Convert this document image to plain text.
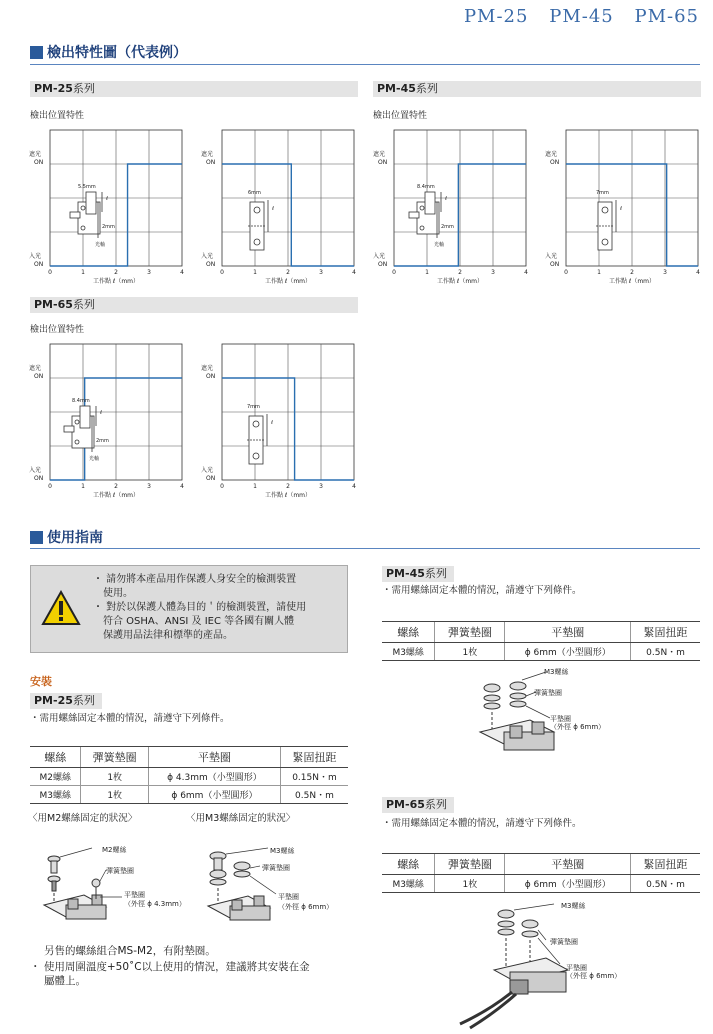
PM-25 PM-45 PM-65
檢出特性圖（代表例）
PM-25系列
檢出位置特性
PM-45系列
檢出位置特性
PM-65系列
檢出位置特性
遮光
ON
入光
ON
0	1	2	3	4
工作點 ℓ（mm）
5.5mm
2mm
ℓ
光軸
遮光
ON
入光
ON
0	1	2	3	4
工作點 ℓ（mm）
6mm
ℓ
遮光
ON
入光
ON
0	1	2	3	4
工作點 ℓ（mm）
8.4mm
2mm
ℓ
光軸
遮光
ON
入光
ON
0	1	2	3	4
工作點 ℓ（mm）
7mm
ℓ
遮光
ON
入光
ON
0	1	2	3	4
工作點 ℓ（mm）
8.4mm
2mm
ℓ
光軸
遮光
ON
入光
ON
0	1	2	3	4
工作點 ℓ（mm）
7mm
ℓ
使用指南
・ 請勿將本產品用作保護人身安全的檢測裝置
使用。
・ 對於以保護人體為目的＇的檢測裝置，請使用
符合 OSHA、ANSI 及 IEC 等各國有關人體
保護用品法律和標準的產品。
安裝
PM-25系列
・需用螺絲固定本體的情況，請遵守下列條件。
螺絲	彈簧墊圈	平墊圈	緊固扭距
M2螺絲	1枚	ϕ 4.3mm（小型圓形）	0.15N・m
M3螺絲	1枚	ϕ 6mm（小型圓形）	0.5N・m
〈用M2螺絲固定的狀況〉	〈用M3螺絲固定的狀況〉
M2螺絲
彈簧墊圈
平墊圈
（外徑 ϕ 4.3mm）
M3螺絲
彈簧墊圈
平墊圈
（外徑 ϕ 6mm）
另售的螺絲組合MS-M2，有附墊圈。
・ 使用周圍溫度+50˚C以上使用的情況，建議將其安裝在金
屬體上。
PM-45系列
・需用螺絲固定本體的情況，請遵守下列條件。
螺絲	彈簧墊圈	平墊圈	緊固扭距
M3螺絲	1枚	ϕ 6mm（小型圓形）	0.5N・m
M3螺絲
彈簧墊圈
平墊圈
（外徑 ϕ 6mm）
PM-65系列
・需用螺絲固定本體的情況，請遵守下列條件。
螺絲	彈簧墊圈	平墊圈	緊固扭距
M3螺絲	1枚	ϕ 6mm（小型圓形）	0.5N・m
M3螺絲
彈簧墊圈
平墊圈
（外徑 ϕ 6mm）
